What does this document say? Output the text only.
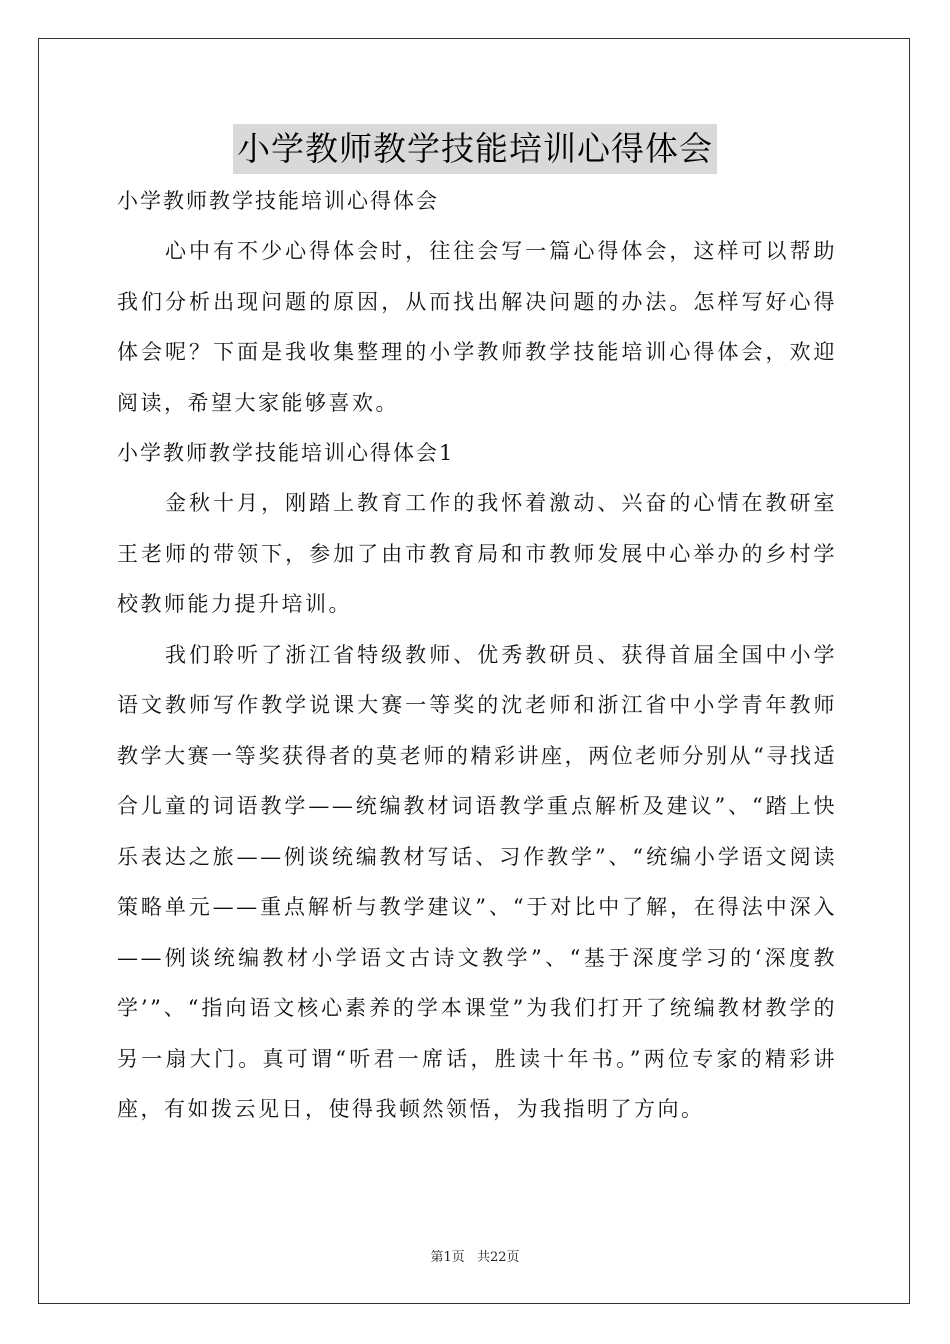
小学教师教学技能培训心得体会

小学教师教学技能培训心得体会

心中有不少心得体会时，往往会写一篇心得体会，这样可以帮助我们分析出现问题的原因，从而找出解决问题的办法。怎样写好心得体会呢？下面是我收集整理的小学教师教学技能培训心得体会，欢迎阅读，希望大家能够喜欢。

小学教师教学技能培训心得体会1

金秋十月，刚踏上教育工作的我怀着激动、兴奋的心情在教研室王老师的带领下，参加了由市教育局和市教师发展中心举办的乡村学校教师能力提升培训。

我们聆听了浙江省特级教师、优秀教研员、获得首届全国中小学语文教师写作教学说课大赛一等奖的沈老师和浙江省中小学青年教师教学大赛一等奖获得者的莫老师的精彩讲座，两位老师分别从“寻找适合儿童的词语教学——统编教材词语教学重点解析及建议”、“踏上快乐表达之旅——例谈统编教材写话、习作教学”、“统编小学语文阅读策略单元——重点解析与教学建议”、“于对比中了解，在得法中深入——例谈统编教材小学语文古诗文教学”、“基于深度学习的‘深度教学’”、“指向语文核心素养的学本课堂”为我们打开了统编教材教学的另一扇大门。真可谓“听君一席话，胜读十年书。”两位专家的精彩讲座，有如拨云见日，使得我顿然领悟，为我指明了方向。

第1页 共22页
